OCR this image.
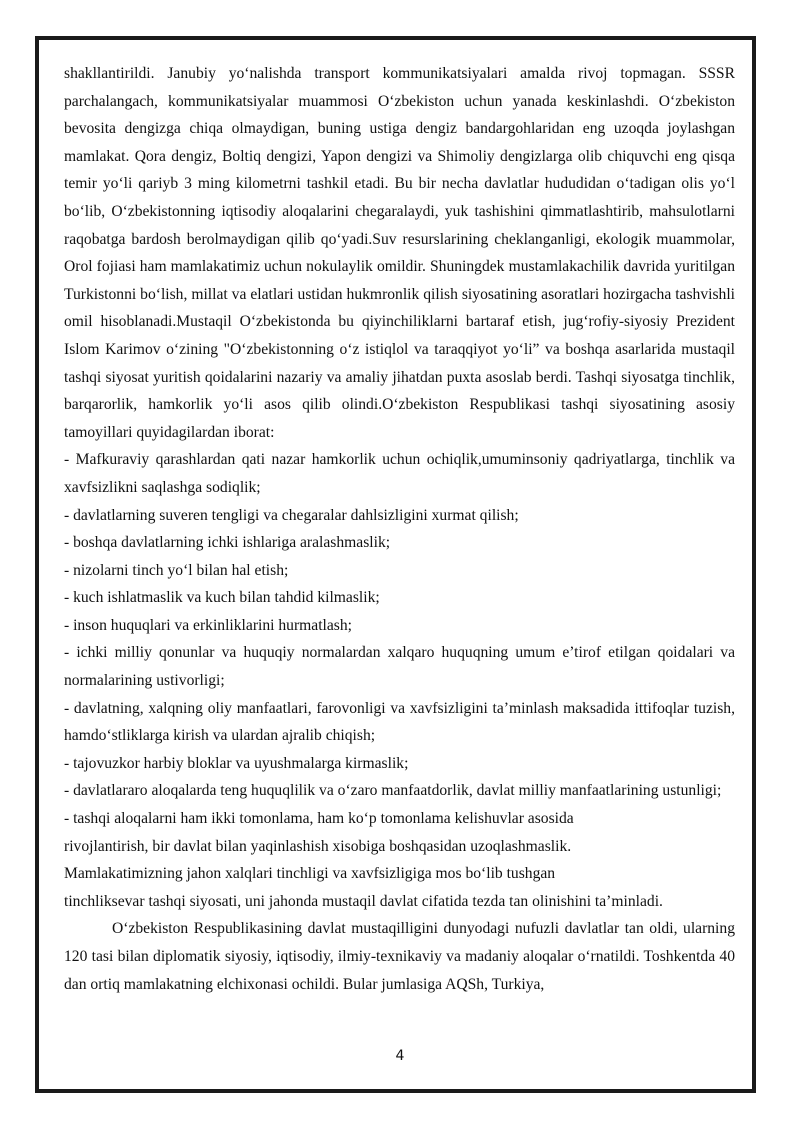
shakllantirildi. Janubiy yo‘nalishda transport kommunikatsiyalari amalda rivoj topmagan. SSSR parchalangach, kommunikatsiyalar muammosi O‘zbekiston uchun yanada keskinlashdi. O‘zbekiston bevosita dengizga chiqa olmaydigan, buning ustiga dengiz bandargohlaridan eng uzoqda joylashgan mamlakat. Qora dengiz, Boltiq dengizi, Yapon dengizi va Shimoliy dengizlarga olib chiquvchi eng qisqa temir yo‘li qariyb 3 ming kilometrni tashkil etadi. Bu bir necha davlatlar hududidan o‘tadigan olis yo‘l bo‘lib, O‘zbekistonning iqtisodiy aloqalarini chegaralaydi, yuk tashishini qimmatlashtirib, mahsulotlarni raqobatga bardosh berolmaydigan qilib qo‘yadi.Suv resurslarining cheklanganligi, ekologik muammolar, Orol fojiasi ham mamlakatimiz uchun nokulaylik omildir. Shuningdek mustamlakachilik davrida yuritilgan Turkistonni bo‘lish, millat va elatlari ustidan hukmronlik qilish siyosatining asoratlari hozirgacha tashvishli omil hisoblanadi.Mustaqil O‘zbekistonda bu qiyinchiliklarni bartaraf etish, jug‘rofiy-siyosiy Prezident Islom Karimov o‘zining "O‘zbekistonning o‘z istiqlol va taraqqiyot yo‘li” va boshqa asarlarida mustaqil tashqi siyosat yuritish qoidalarini nazariy va amaliy jihatdan puxta asoslab berdi. Tashqi siyosatga tinchlik, barqarorlik, hamkorlik yo‘li asos qilib olindi.O‘zbekiston Respublikasi tashqi siyosatining asosiy tamoyillari quyidagilardan iborat:

- Mafkuraviy qarashlardan qati nazar hamkorlik uchun ochiqlik,umuminsoniy qadriyatlarga, tinchlik va xavfsizlikni saqlashga sodiqlik;

- davlatlarning suveren tengligi va chegaralar dahlsizligini xurmat qilish;

- boshqa davlatlarning ichki ishlariga aralashmaslik;

- nizolarni tinch yo‘l bilan hal etish;

- kuch ishlatmaslik va kuch bilan tahdid kilmaslik;

- inson huquqlari va erkinliklarini hurmatlash;

- ichki milliy qonunlar va huquqiy normalardan xalqaro huquqning umum e’tirof etilgan qoidalari va normalarining ustivorligi;

- davlatning, xalqning oliy manfaatlari, farovonligi va xavfsizligini ta’minlash maksadida ittifoqlar tuzish, hamdo‘stliklarga kirish va ulardan ajralib chiqish;

- tajovuzkor harbiy bloklar va uyushmalarga kirmaslik;

- davlatlararo aloqalarda teng huquqlilik va o‘zaro manfaatdorlik, davlat milliy manfaatlarining ustunligi;

- tashqi aloqalarni ham ikki tomonlama, ham ko‘p tomonlama kelishuvlar asosida

rivojlantirish, bir davlat bilan yaqinlashish xisobiga boshqasidan uzoqlashmaslik.

Mamlakatimizning jahon xalqlari tinchligi va xavfsizligiga mos bo‘lib tushgan

tinchliksevar tashqi siyosati, uni jahonda mustaqil davlat cifatida tezda tan olinishini ta’minladi.

O‘zbekiston Respublikasining davlat mustaqilligini dunyodagi nufuzli davlatlar tan oldi, ularning 120 tasi bilan diplomatik siyosiy, iqtisodiy, ilmiy-texnikaviy va madaniy aloqalar o‘rnatildi. Toshkentda 40 dan ortiq mamlakatning elchixonasi ochildi. Bular jumlasiga AQSh, Turkiya,

4
